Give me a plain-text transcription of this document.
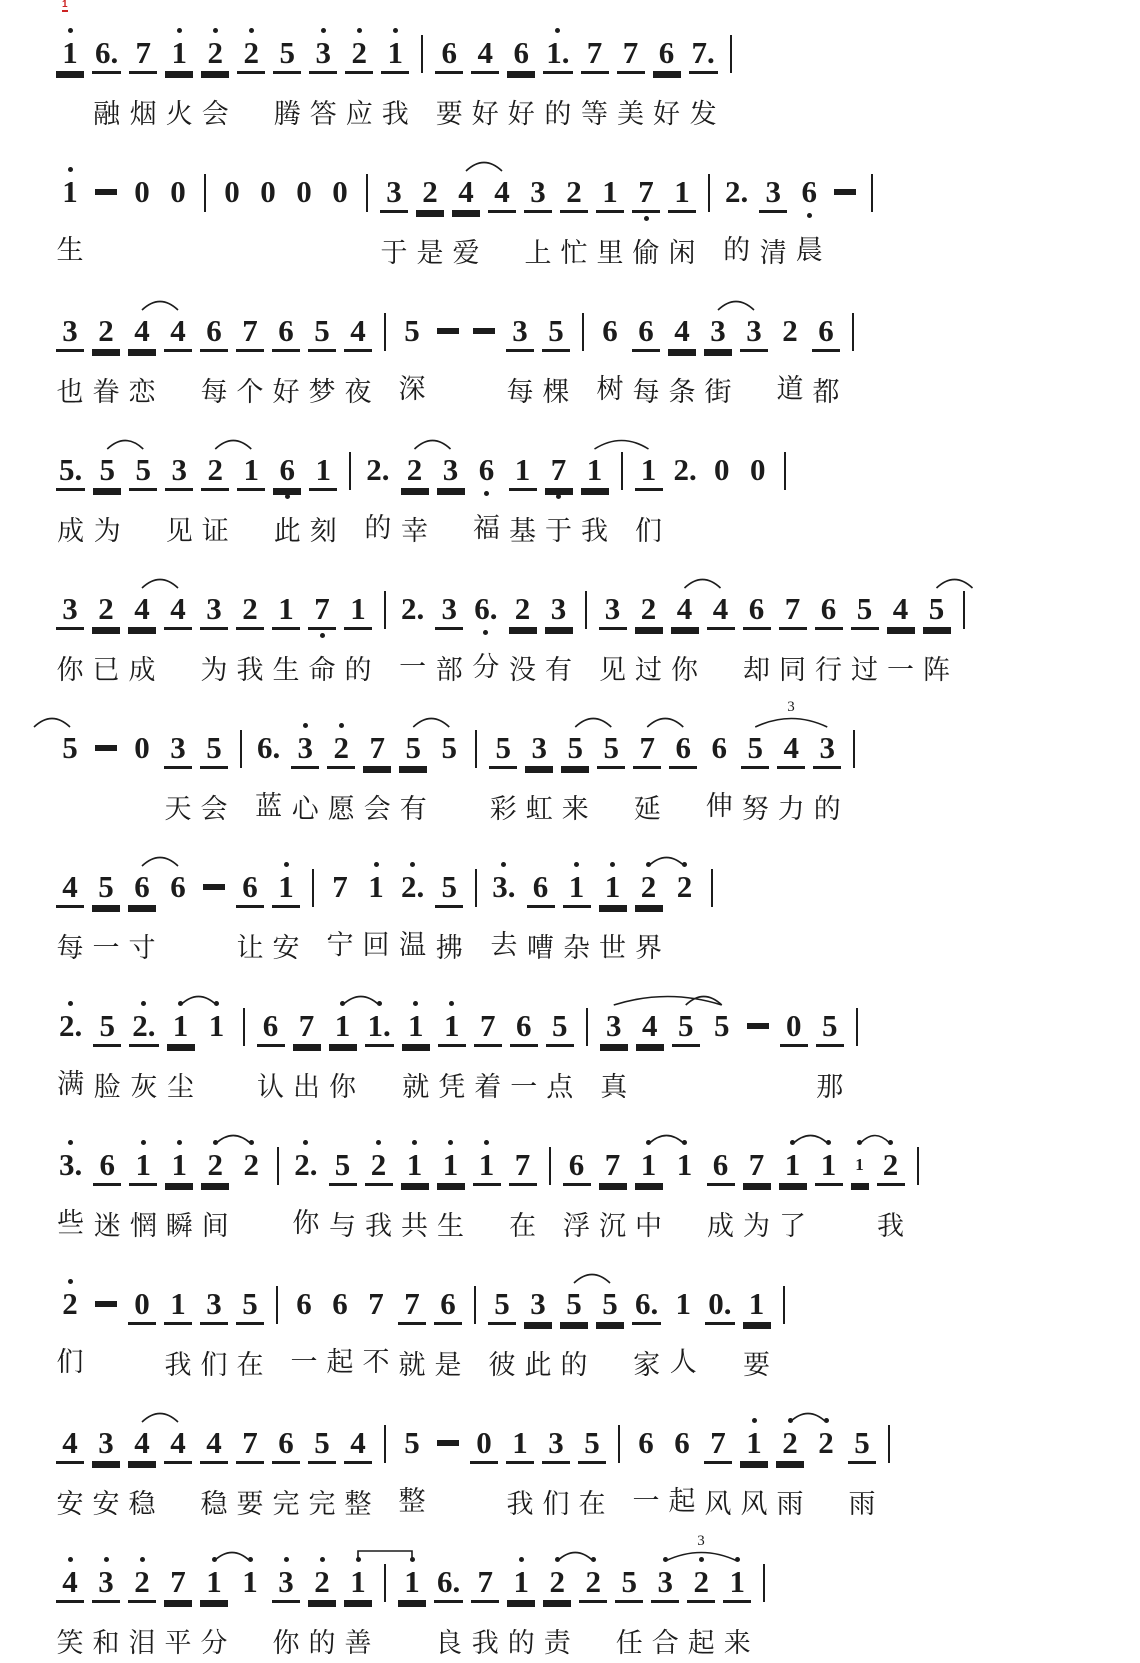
1
1
6.
融
7
烟
1
火
2
会
2
5
腾
3
答
2
应
1
我

6
要
4
好
6
好
1.
的
7
等
7
美
6
好
7.
发

1
生

0
0

0
0
0
0

3
于
2
是
4
爱
4
3
上
2
忙
1
里
7
偷
1
闲

2.
的
3
清
6
晨

3
也
2
眷
4
恋
4
6
每
7
个
6
好
5
梦
4
夜

5
深

3
每
5
棵

6
树
6
每
4
条
3
街
3
2
道
6
都

5.
成
5
为
5
3
见
2
证
1
6
此
1
刻

2.
的
2
幸
3
6
福
1
基
7
于
1
我

1
们
2.
0
0

3
你
2
已
4
成
4
3
为
2
我
1
生
7
命
1
的

2.
一
3
部
6.
分
2
没
3
有

3
见
2
过
4
你
4
6
却
7
同
6
行
5
过
4
一
5
阵

5

0
3
天
5
会

6.
蓝
3
心
2
愿
7
会
5
有
5

5
彩
3
虹
5
来
5
7
延
6
6
伸
5
努
4
力
3
的

3
4
每
5
一
6
寸
6

6
让
1
安

7
宁
1
回
2.
温
5
拂

3.
去
6
嘈
1
杂
1
世
2
界
2

2.
满
5
脸
2.
灰
1
尘
1

6
认
7
出
1
你
1.
1
就
1
凭
7
着
6
一
5
点

3
真
4
5
5

0
5
那

3.
些
6
迷
1
惘
1
瞬
2
间
2

2.
你
5
与
2
我
1
共
1
生
1
7
在

6
浮
7
沉
1
中
1
6
成
7
为
1
了
1
	1
2
我

2
们

0
1
我
3
们
5
在

6
一
6
起
7
不
7
就
6
是

5
彼
3
此
5
的
5
6.
家
1
人
0.
1
要

4
安
3
安
4
稳
4
4
稳
7
要
6
完
5
完
4
整

5
整

0
1
我
3
们
5
在

6
一
6
起
7
风
1
风
2
雨
2
5
雨

4
笑
3
和
2
泪
7
平
1
分
1
3
你
2
的
1
善

1
6.
良
7
我
1
的
2
责
2
5
任
3
合
2
起
1
来

3
